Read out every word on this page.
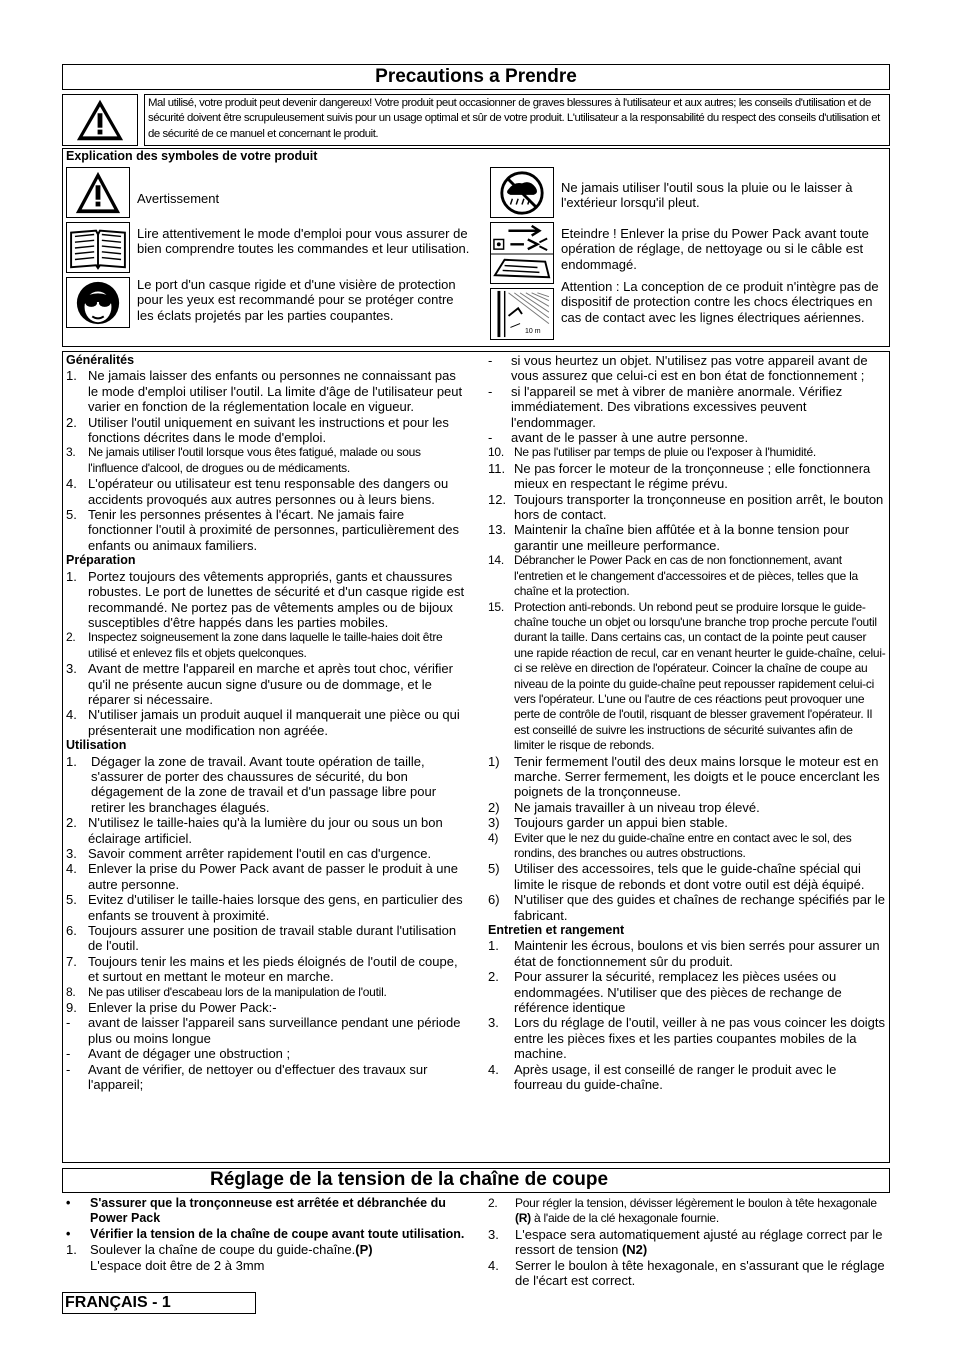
Precautions a Prendre
Mal utilisé, votre produit peut devenir dangereux! Votre produit peut occasionner de graves blessures à l'utilisateur et aux autres; les conseils d'utilisation et de sécurité doivent être scrupuleusement suivis pour un usage optimal et sûr de votre produit. L'utilisateur a la responsabilité du respect des conseils d'utilisation et de sécurité de ce manuel et concernant le produit.
Explication des symboles de votre produit
Avertissement
Lire attentivement le mode d'emploi pour vous assurer de bien comprendre toutes les commandes et leur utilisation.
Le port d'un casque rigide et d'une visière de protection pour les yeux est recommandé pour se protéger contre les éclats projetés par les parties coupantes.
Ne jamais utiliser l'outil sous la pluie ou le laisser à l'extérieur lorsqu'il pleut.
Eteindre ! Enlever la prise du Power Pack avant toute opération de réglage, de nettoyage ou si le câble est endommagé.
10 m
Attention : La conception de ce produit n'intègre pas de dispositif de protection contre les chocs électriques en cas de contact avec les lignes électriques aériennes.
Généralités
1. Ne jamais laisser des enfants ou personnes ne connaissant pas le mode d'emploi utiliser l'outil. La limite d'âge de l'utilisateur peut varier en fonction de la réglementation locale en vigueur.
2. Utiliser l'outil uniquement en suivant les instructions et pour les fonctions décrites dans le mode d'emploi.
3.	Ne jamais utiliser l'outil lorsque vous êtes fatigué, malade ou sous l'influence d'alcool, de drogues ou de médicaments.
4. L'opérateur ou utilisateur est tenu responsable des dangers ou accidents provoqués aux autres personnes ou à leurs biens.
5. Tenir les personnes présentes à l'écart. Ne jamais faire fonctionner l'outil à proximité de personnes, particulièrement des enfants ou animaux familiers.
Préparation
1. Portez toujours des vêtements appropriés, gants et chaussures robustes. Le port de lunettes de sécurité et d'un casque rigide est recommandé. Ne portez pas de vêtements amples ou de bijoux susceptibles d'être happés dans les parties mobiles.
2.	Inspectez soigneusement la zone dans laquelle le taille-haies doit être utilisé et enlevez fils et objets quelconques.
3. Avant de mettre l'appareil en marche et après tout choc, vérifier qu'il ne présente aucun signe d'usure ou de dommage, et le réparer si nécessaire.
4. N'utiliser jamais un produit auquel il manquerait une pièce ou qui présenterait une modification non agréée.
Utilisation
1.	Dégager la zone de travail. Avant toute opération de taille, s'assurer de porter des chaussures de sécurité, du bon dégagement de la zone de travail et d'un passage libre pour retirer les branchages élagués.
2. N'utilisez le taille-haies qu'à la lumière du jour ou sous un bon éclairage artificiel.
3. Savoir comment arrêter rapidement l'outil en cas d'urgence.
4. Enlever la prise du Power Pack avant de passer le produit à une autre personne.
5. Evitez d'utiliser le taille-haies lorsque des gens, en particulier des enfants se trouvent à proximité.
6. Toujours assurer une position de travail stable durant l'utilisation de l'outil.
7. Toujours tenir les mains et les pieds éloignés de l'outil de coupe, et surtout en mettant le moteur en marche.
8.	Ne pas utiliser d'escabeau lors de la manipulation de l'outil.
9. Enlever la prise du Power Pack:-
-	avant de laisser l'appareil sans surveillance pendant une période plus ou moins longue
-	Avant de dégager une obstruction ;
-	Avant de vérifier, de nettoyer ou d'effectuer des travaux sur l'appareil;
-	si vous heurtez un objet. N'utilisez pas votre appareil avant de vous assurez que celui-ci est en bon état de fonctionnement ;
-	si l'appareil se met à vibrer de manière anormale. Vérifiez immédiatement. Des vibrations excessives peuvent l'endommager.
-	avant de le passer à une autre personne.
10. Ne pas l'utiliser par temps de pluie ou l'exposer à l'humidité.
11. Ne pas forcer le moteur de la tronçonneuse ; elle fonctionnera mieux en respectant le régime prévu.
12. Toujours transporter la tronçonneuse en position arrêt, le bouton hors de contact.
13. Maintenir la chaîne bien affûtée et à la bonne tension pour garantir une meilleure performance.
14. Débrancher le Power Pack en cas de non fonctionnement, avant l'entretien et le changement d'accessoires et de pièces, telles que la chaîne et la protection.
15. Protection anti-rebonds. Un rebond peut se produire lorsque le guide-chaîne touche un objet ou lorsqu'une branche trop proche percute l'outil durant la taille. Dans certains cas, un contact de la pointe peut causer une rapide réaction de recul, car en venant heurter le guide-chaîne, celui-ci se relève en direction de l'opérateur. Coincer la chaîne de coupe au niveau de la pointe du guide-chaîne peut repousser rapidement celui-ci vers l'opérateur. L'une ou l'autre de ces réactions peut provoquer une perte de contrôle de l'outil, risquant de blesser gravement l'opérateur. Il est conseillé de suivre les instructions de sécurité suivantes afin de limiter le risque de rebonds.
1)	Tenir fermement l'outil des deux mains lorsque le moteur est en marche. Serrer fermement, les doigts et le pouce encerclant les poignets de la tronçonneuse.
2)	Ne jamais travailler à un niveau trop élevé.
3)	Toujours garder un appui bien stable.
4)	Eviter que le nez du guide-chaîne entre en contact avec le sol, des rondins, des branches ou autres obstructions.
5)	Utiliser des accessoires, tels que le guide-chaîne spécial qui limite le risque de rebonds et dont votre outil est déjà équipé.
6)	N'utiliser que des guides et chaînes de rechange spécifiés par le fabricant.
Entretien et rangement
1.	Maintenir les écrous, boulons et vis bien serrés pour assurer un état de fonctionnement sûr du produit.
2.	Pour assurer la sécurité, remplacez les pièces usées ou endommagées. N'utiliser que des pièces de rechange de référence identique
3.	Lors du réglage de l'outil, veiller à ne pas vous coincer les doigts entre les pièces fixes et les parties coupantes mobiles de la machine.
4.	Après usage, il est conseillé de ranger le produit avec le fourreau du guide-chaîne.
Réglage de la tension de la chaîne de coupe
•	S'assurer que la tronçonneuse est arrêtée et débranchée du Power Pack
•	Vérifier la tension de la chaîne de coupe avant toute utilisation.
1.	Soulever la chaîne de coupe du guide-chaîne.(P)
L'espace doit être de 2 à 3mm
2.	Pour régler la tension, dévisser légèrement le boulon à tête hexagonale (R) à l'aide de la clé hexagonale fournie.
3.	L'espace sera automatiquement ajusté au réglage correct par le ressort de tension (N2)
4.	Serrer le boulon à tête hexagonale, en s'assurant que le réglage de l'écart est correct.
FRANÇAIS - 1
